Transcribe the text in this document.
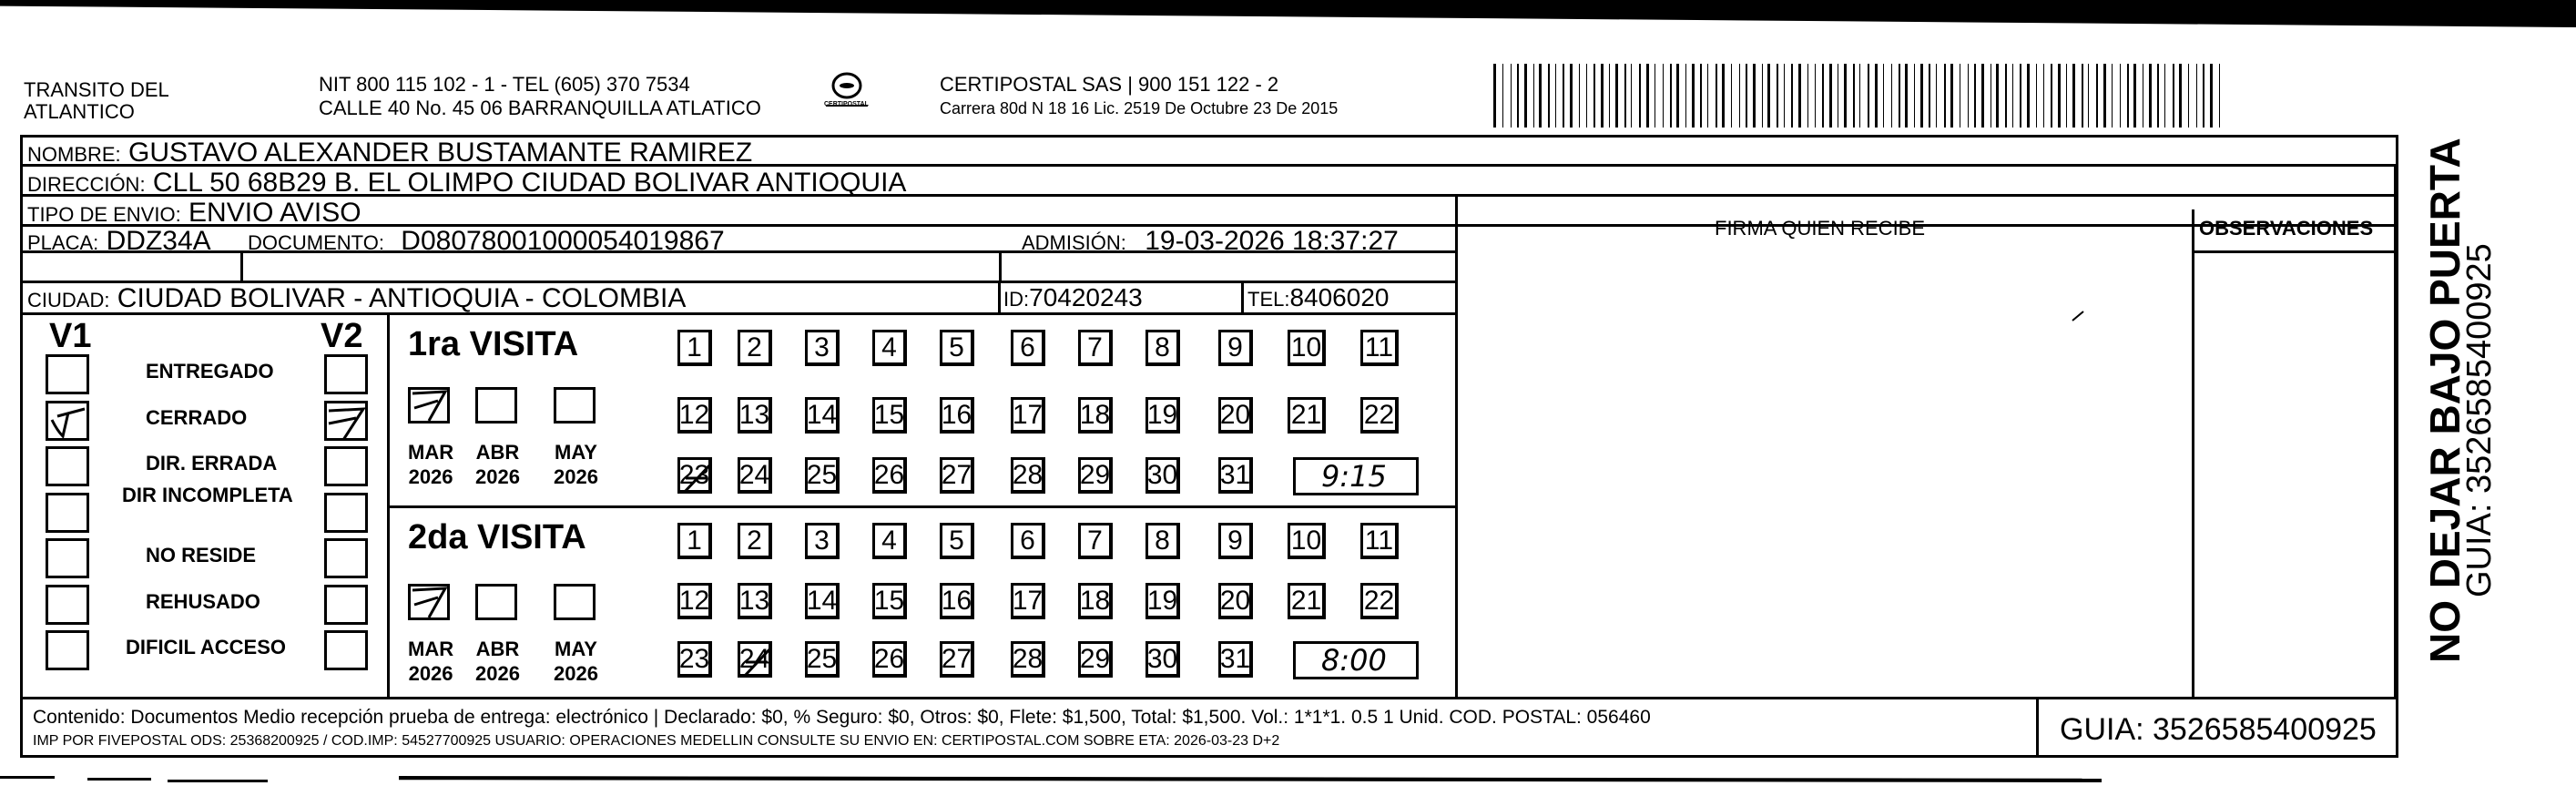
TRANSITO DEL
ATLANTICO
NIT 800 115 102 - 1 - TEL (605) 370 7534
CALLE 40 No. 45 06 BARRANQUILLA ATLATICO	CERTIPOSTAL
CERTIPOSTAL SAS | 900 151 122 - 2
Carrera 80d N 18 16 Lic. 2519 De Octubre 23 De 2015
NOMBRE: GUSTAVO ALEXANDER BUSTAMANTE RAMIREZ
DIRECCIÓN: CLL 50 68B29 B. EL OLIMPO CIUDAD BOLIVAR ANTIOQUIA
TIPO DE ENVIO: ENVIO AVISO
PLACA: DDZ34A DOCUMENTO: D08078001000054019867	ADMISIÓN: 19-03-2026 18:37:27
CIUDAD: CIUDAD BOLIVAR - ANTIOQUIA - COLOMBIA	ID:70420243	TEL:8406020
FIRMA QUIEN RECIBE	OBSERVACIONES
V1	V2
ENTREGADO
CERRADO
DIR. ERRADA
DIR INCOMPLETA
NO RESIDE
REHUSADO
DIFICIL ACCESO
1ra VISITA
MAR
2026
ABR
2026
MAY
2026
1 2 3 4 5 6 7 8 9 10 11
12 13 14 15 16 17 18 19 20 21 22
23 24 25 26 27 28 29 30 31 9:15
2da VISITA
MAR
2026
ABR
2026
MAY
2026
1 2 3 4 5 6 7 8 9 10 11
12 13 14 15 16 17 18 19 20 21 22
23 24 25 26 27 28 29 30 31 8:00
Contenido: Documentos Medio recepción prueba de entrega: electrónico | Declarado: $0, % Seguro: $0, Otros: $0, Flete: $1,500, Total: $1,500. Vol.: 1*1*1. 0.5 1 Unid. COD. POSTAL: 056460
IMP POR FIVEPOSTAL ODS: 25368200925 / COD.IMP: 54527700925 USUARIO: OPERACIONES MEDELLIN CONSULTE SU ENVIO EN: CERTIPOSTAL.COM SOBRE ETA: 2026-03-23 D+2	GUIA: 3526585400925
NO DEJAR BAJO PUERTA
GUIA: 3526585400925
